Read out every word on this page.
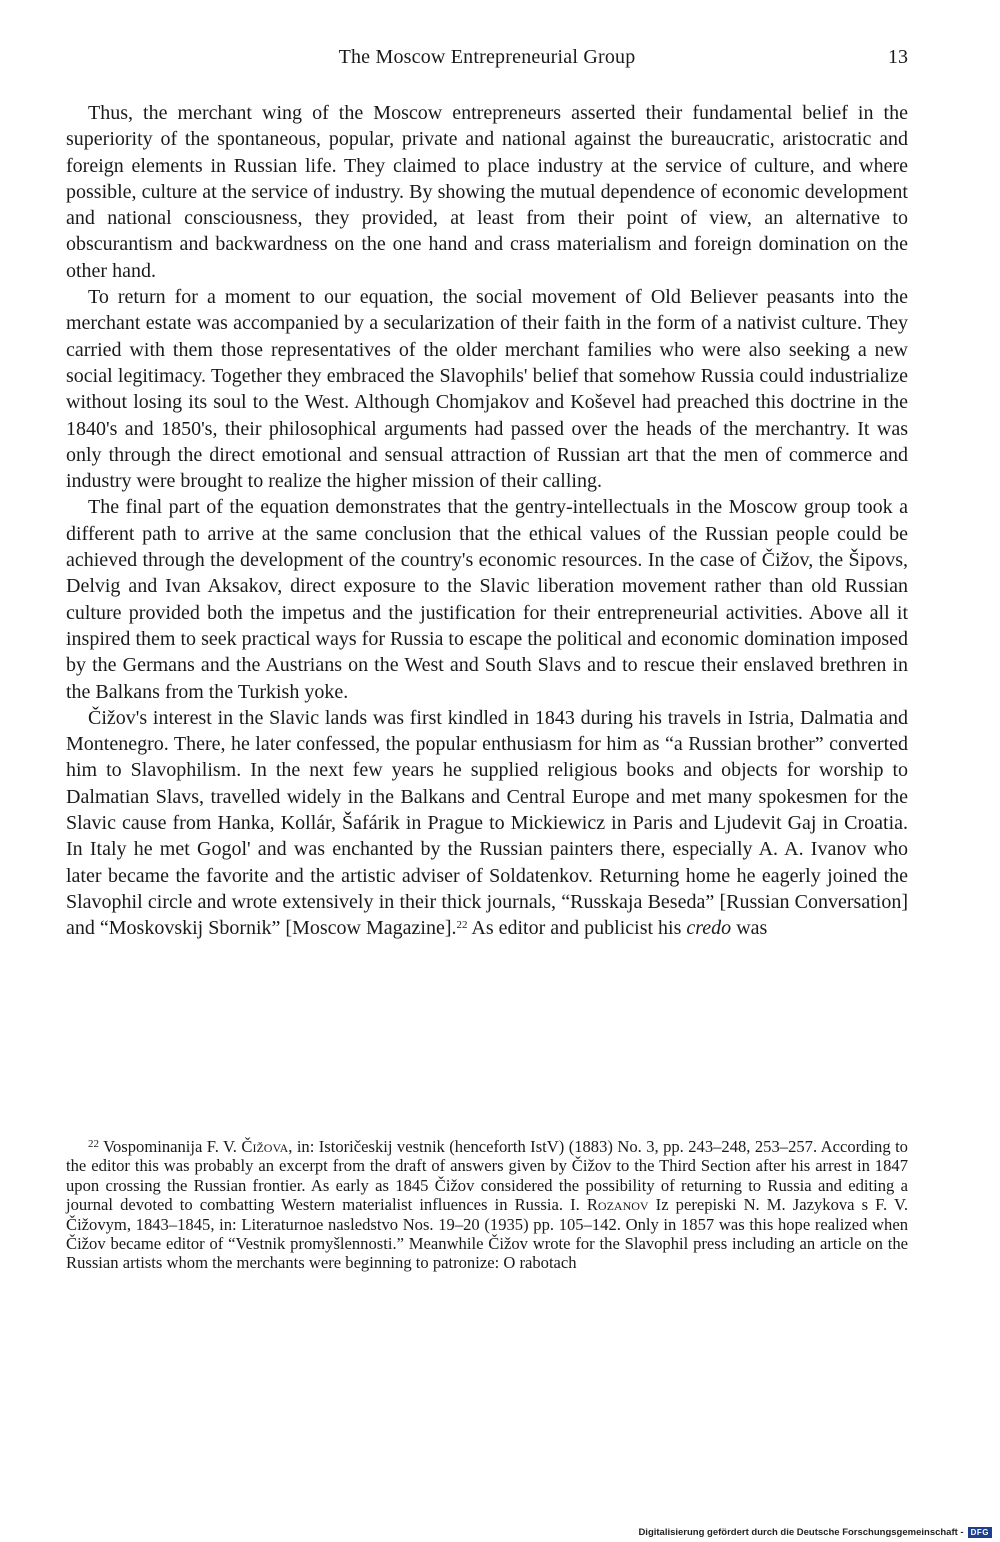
The Moscow Entrepreneurial Group	13

Thus, the merchant wing of the Moscow entrepreneurs asserted their fundamental belief in the superiority of the spontaneous, popular, private and national against the bureaucratic, aristocratic and foreign elements in Russian life. They claimed to place industry at the service of culture, and where possible, culture at the service of industry. By showing the mutual dependence of economic development and national consciousness, they provided, at least from their point of view, an alternative to obscurantism and backwardness on the one hand and crass materialism and foreign domination on the other hand.

To return for a moment to our equation, the social movement of Old Believer peasants into the merchant estate was accompanied by a secularization of their faith in the form of a nativist culture. They carried with them those representatives of the older merchant families who were also seeking a new social legitimacy. Together they embraced the Slavophils' belief that somehow Russia could industrialize without losing its soul to the West. Although Chomjakov and Koševel had preached this doctrine in the 1840's and 1850's, their philosophical arguments had passed over the heads of the merchantry. It was only through the direct emotional and sensual attraction of Russian art that the men of commerce and industry were brought to realize the higher mission of their calling.

The final part of the equation demonstrates that the gentry-intellectuals in the Moscow group took a different path to arrive at the same conclusion that the ethical values of the Russian people could be achieved through the development of the country's economic resources. In the case of Čižov, the Šipovs, Delvig and Ivan Aksakov, direct exposure to the Slavic liberation movement rather than old Russian culture provided both the impetus and the justification for their entrepreneurial activities. Above all it inspired them to seek practical ways for Russia to escape the political and economic domination imposed by the Germans and the Austrians on the West and South Slavs and to rescue their enslaved brethren in the Balkans from the Turkish yoke.

Čižov's interest in the Slavic lands was first kindled in 1843 during his travels in Istria, Dalmatia and Montenegro. There, he later confessed, the popular enthusiasm for him as “a Russian brother” converted him to Slavophilism. In the next few years he supplied religious books and objects for worship to Dalmatian Slavs, travelled widely in the Balkans and Central Europe and met many spokesmen for the Slavic cause from Hanka, Kollár, Šafárik in Prague to Mickiewicz in Paris and Ljudevit Gaj in Croatia. In Italy he met Gogol' and was enchanted by the Russian painters there, especially A. A. Ivanov who later became the favorite and the artistic adviser of Soldatenkov. Returning home he eagerly joined the Slavophil circle and wrote extensively in their thick journals, “Russkaja Beseda” [Russian Conversation] and “Moskovskij Sbornik” [Moscow Magazine].$^{22}$ As editor and publicist his credo was

$^{22}$ Vospominanija F. V. Čižova, in: Istoričeskij vestnik (henceforth IstV) (1883) No. 3, pp. 243–248, 253–257. According to the editor this was probably an excerpt from the draft of answers given by Čižov to the Third Section after his arrest in 1847 upon crossing the Russian frontier. As early as 1845 Čižov considered the possibility of returning to Russia and editing a journal devoted to combatting Western materialist influences in Russia. I. Rozanov Iz perepiski N. M. Jazykova s F. V. Čižovym, 1843–1845, in: Literaturnoe nasledstvo Nos. 19–20 (1935) pp. 105–142. Only in 1857 was this hope realized when Čižov became editor of “Vestnik promyšlennosti.” Meanwhile Čižov wrote for the Slavophil press including an article on the Russian artists whom the merchants were beginning to patronize: O rabotach

Digitalisierung gefördert durch die Deutsche Forschungsgemeinschaft - DFG
